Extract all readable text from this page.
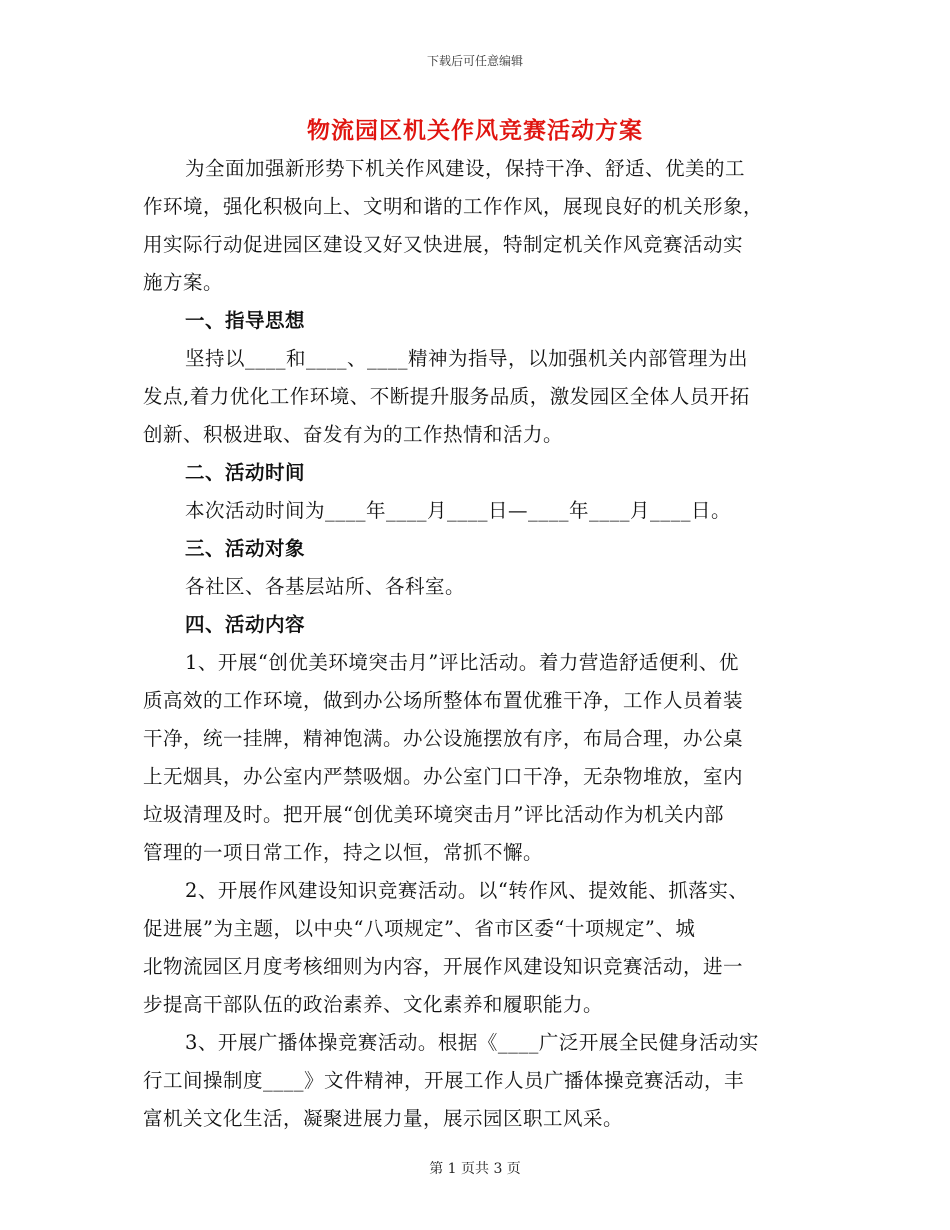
下载后可任意编辑
物流园区机关作风竞赛活动方案
为全面加强新形势下机关作风建设，保持干净、舒适、优美的工
作环境，强化积极向上、文明和谐的工作作风，展现良好的机关形象，
用实际行动促进园区建设又好又快进展，特制定机关作风竞赛活动实
施方案。
一、指导思想
坚持以____和____、____精神为指导，以加强机关内部管理为出
发点,着力优化工作环境、不断提升服务品质，激发园区全体人员开拓
创新、积极进取、奋发有为的工作热情和活力。
二、活动时间
本次活动时间为____年____月____日—____年____月____日。
三、活动对象
各社区、各基层站所、各科室。
四、活动内容
1、开展“创优美环境突击月”评比活动。着力营造舒适便利、优
质高效的工作环境，做到办公场所整体布置优雅干净，工作人员着装
干净，统一挂牌，精神饱满。办公设施摆放有序，布局合理，办公桌
上无烟具，办公室内严禁吸烟。办公室门口干净，无杂物堆放，室内
垃圾清理及时。把开展“创优美环境突击月”评比活动作为机关内部
管理的一项日常工作，持之以恒，常抓不懈。
2、开展作风建设知识竞赛活动。以“转作风、提效能、抓落实、
促进展”为主题，以中央“八项规定”、省市区委“十项规定”、城
北物流园区月度考核细则为内容，开展作风建设知识竞赛活动，进一
步提高干部队伍的政治素养、文化素养和履职能力。
3、开展广播体操竞赛活动。根据《____广泛开展全民健身活动实
行工间操制度____》文件精神，开展工作人员广播体操竞赛活动，丰
富机关文化生活，凝聚进展力量，展示园区职工风采。
第 1 页共 3 页
